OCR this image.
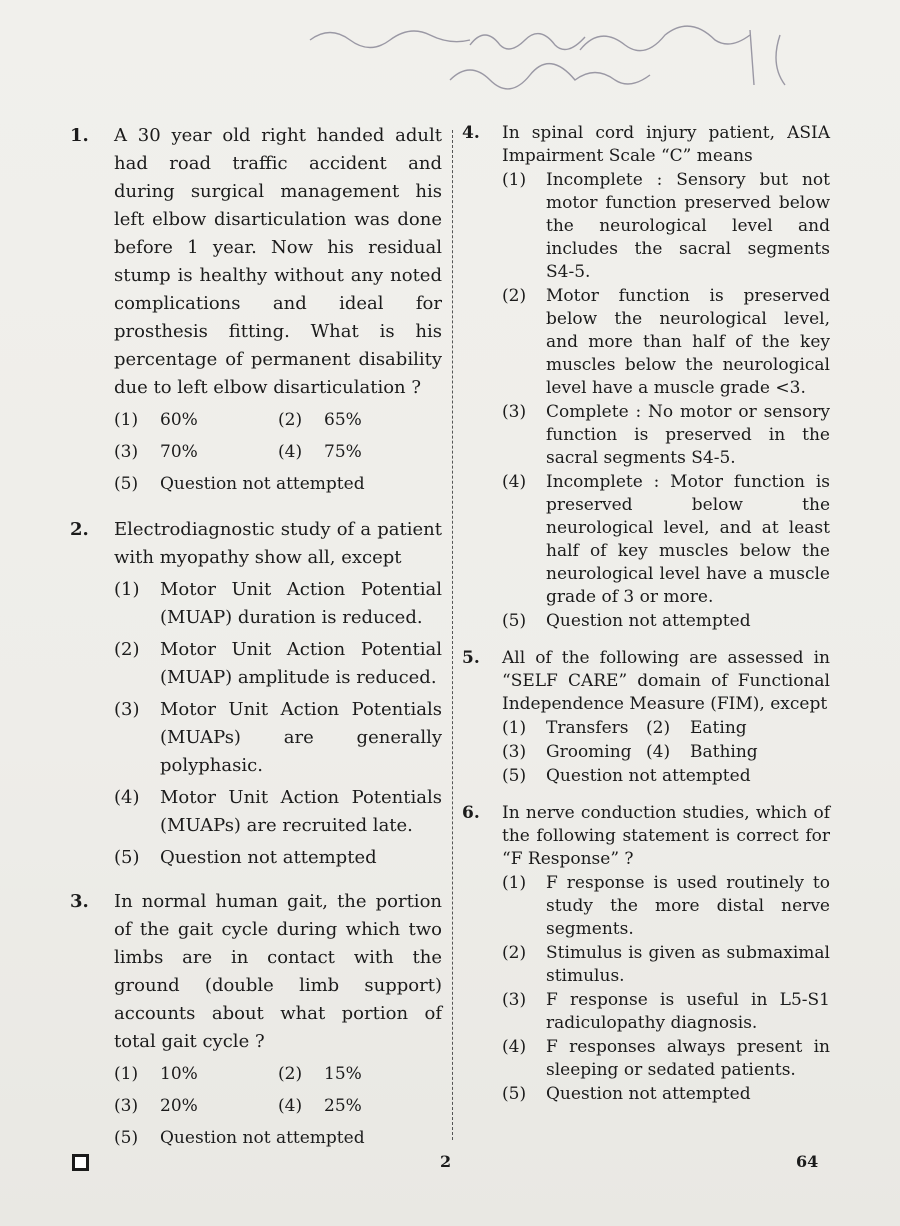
1.	A 30 year old right handed adult had road traffic accident and during surgical management his left elbow disarticulation was done before 1 year. Now his residual stump is healthy without any noted complications and ideal for prosthesis fitting. What is his percentage of permanent disability due to left elbow disarticulation ?
(1)	60%	(2)	65%
(3)	70%	(4)	75%
(5)	Question not attempted
2.	Electrodiagnostic study of a patient with myopathy show all, except
(1)	Motor Unit Action Potential (MUAP) duration is reduced.
(2)	Motor Unit Action Potential (MUAP) amplitude is reduced.
(3)	Motor Unit Action Potentials (MUAPs) are generally polyphasic.
(4)	Motor Unit Action Potentials (MUAPs) are recruited late.
(5)	Question not attempted
3.	In normal human gait, the portion of the gait cycle during which two limbs are in contact with the ground (double limb support) accounts about what portion of total gait cycle ?
(1)	10%	(2)	15%
(3)	20%	(4)	25%
(5)	Question not attempted
4.	In spinal cord injury patient, ASIA Impairment Scale “C” means
(1)	Incomplete : Sensory but not motor function preserved below the neurological level and includes the sacral segments S4-5.
(2)	Motor function is preserved below the neurological level, and more than half of the key muscles below the neurological level have a muscle grade <3.
(3)	Complete : No motor or sensory function is preserved in the sacral segments S4-5.
(4)	Incomplete : Motor function is preserved below the neurological level, and at least half of key muscles below the neurological level have a muscle grade of 3 or more.
(5)	Question not attempted
5.	All of the following are assessed in “SELF CARE” domain of Functional Independence Measure (FIM), except
(1)	Transfers	(2)	Eating
(3)	Grooming (4)	Bathing
(5)	Question not attempted
6.	In nerve conduction studies, which of the following statement is correct for “F Response” ?
(1)	F response is used routinely to study the more distal nerve segments.
(2)	Stimulus is given as submaximal stimulus.
(3)	F response is useful in L5-S1 radiculopathy diagnosis.
(4)	F responses always present in sleeping or sedated patients.
(5)	Question not attempted
2	64
